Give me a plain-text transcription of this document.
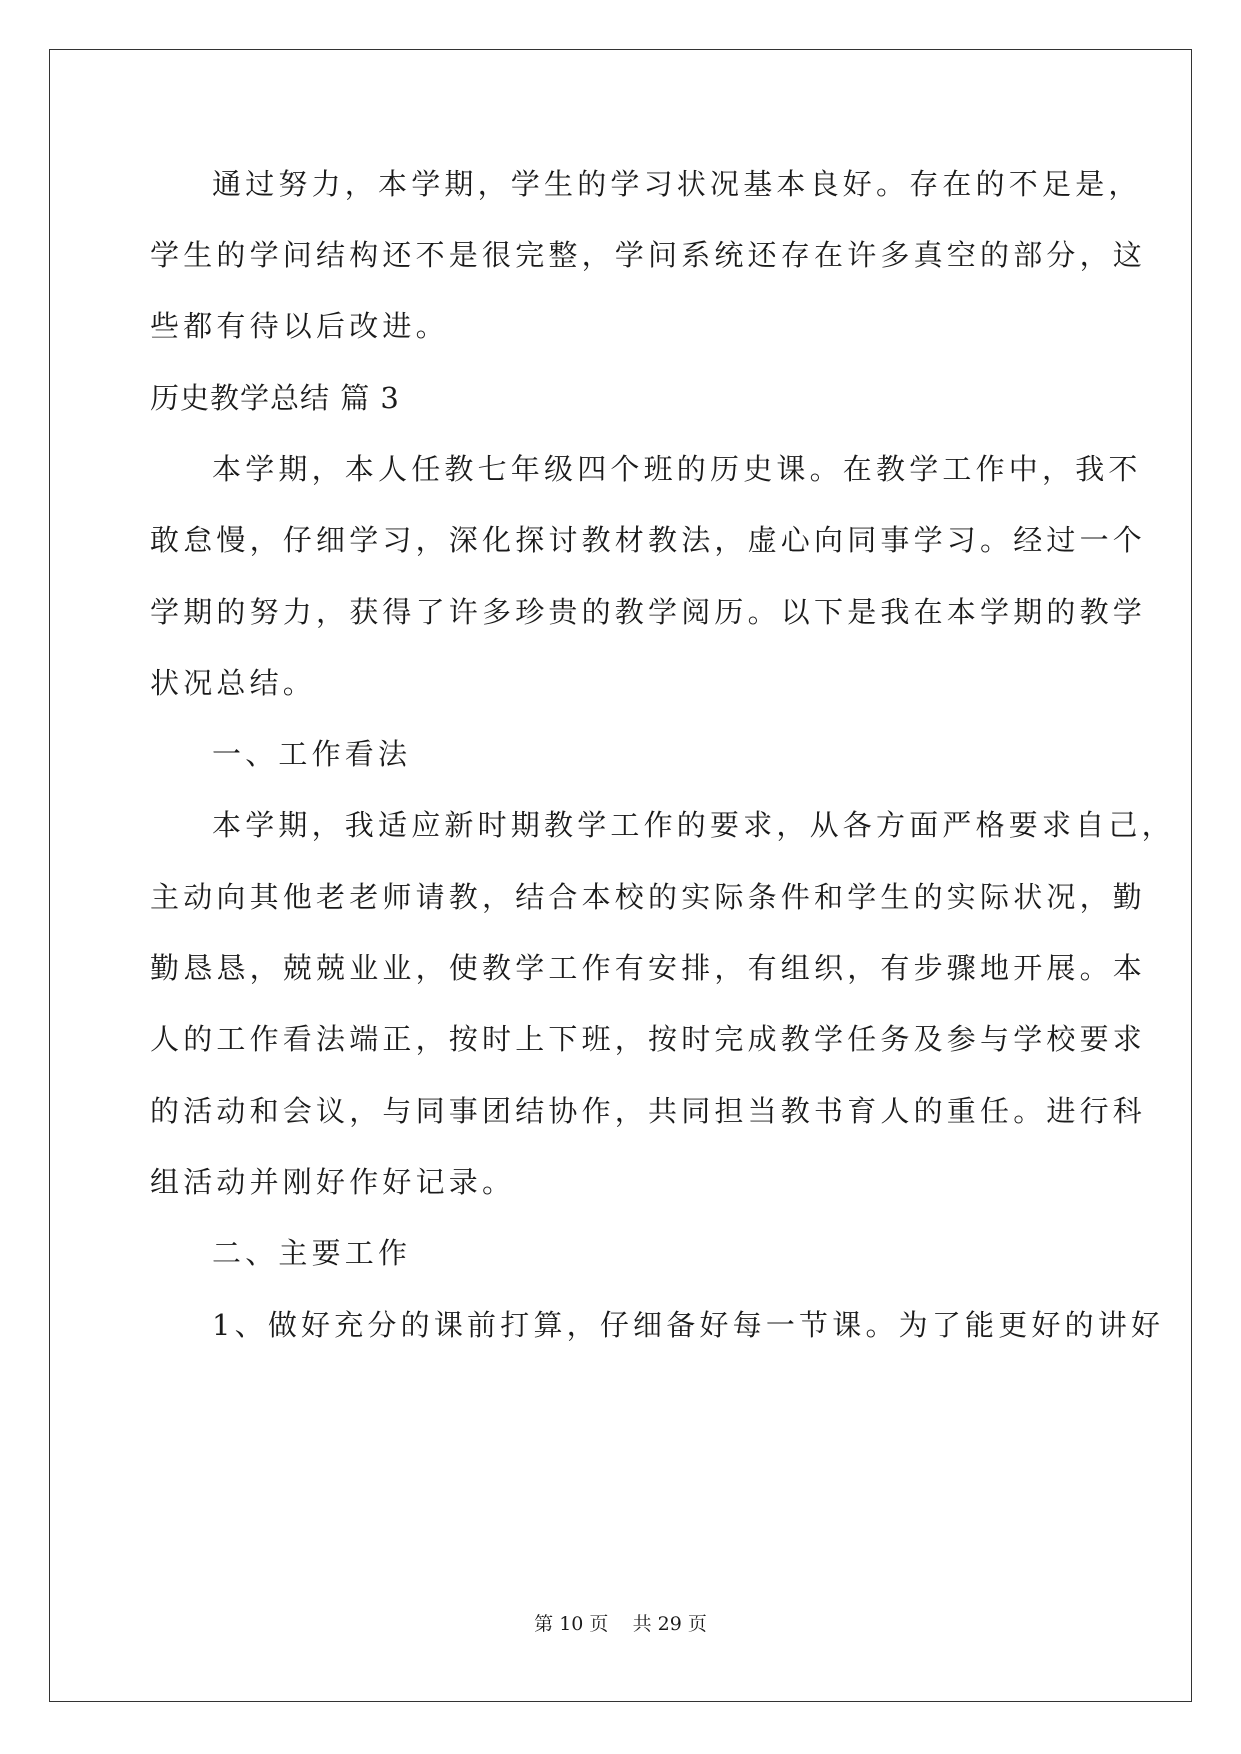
通过努力，本学期，学生的学习状况基本良好。存在的不足是，
学生的学问结构还不是很完整，学问系统还存在许多真空的部分，这
些都有待以后改进。
历史教学总结 篇 3
本学期，本人任教七年级四个班的历史课。在教学工作中，我不
敢怠慢，仔细学习，深化探讨教材教法，虚心向同事学习。经过一个
学期的努力，获得了许多珍贵的教学阅历。以下是我在本学期的教学
状况总结。
一、工作看法
本学期，我适应新时期教学工作的要求，从各方面严格要求自己，
主动向其他老老师请教，结合本校的实际条件和学生的实际状况，勤
勤恳恳，兢兢业业，使教学工作有安排，有组织，有步骤地开展。本
人的工作看法端正，按时上下班，按时完成教学任务及参与学校要求
的活动和会议，与同事团结协作，共同担当教书育人的重任。进行科
组活动并刚好作好记录。
二、主要工作
1、做好充分的课前打算，仔细备好每一节课。为了能更好的讲好
第 10 页    共 29 页
